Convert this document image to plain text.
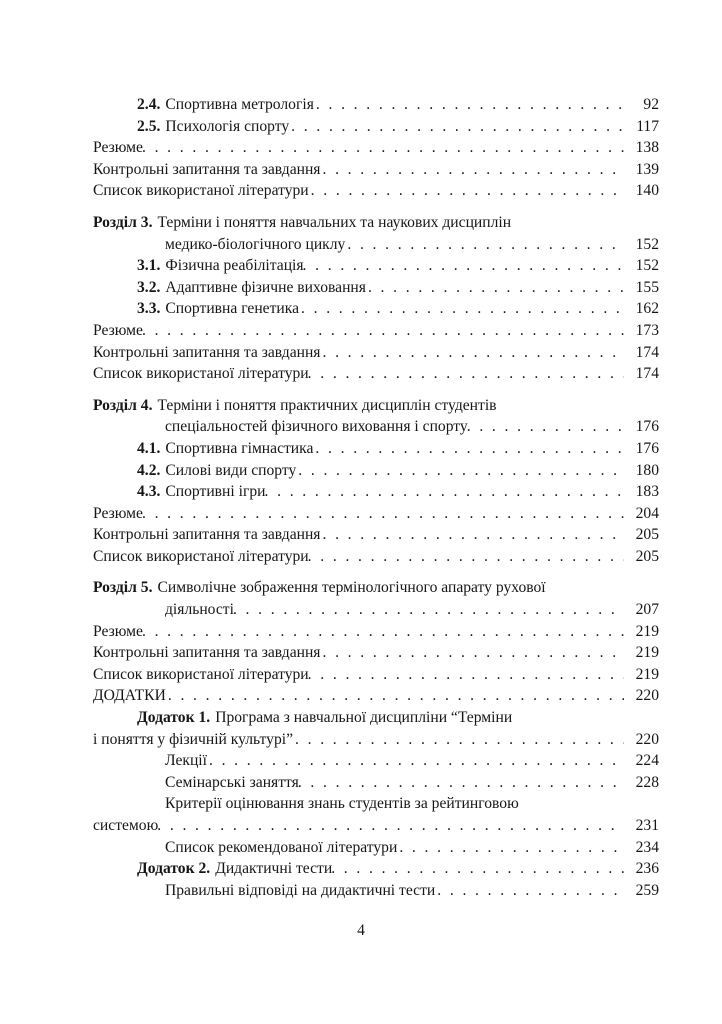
2.4. Спортивна метрологія . . .	92
2.5. Психологія спорту . . .	117
Резюме . . .	138
Контрольні запитання та завдання . . .	139
Список використаної літератури . . .	140
Розділ 3. Терміни і поняття навчальних та наукових дисциплін
медико-біологічного циклу . . .	152
3.1. Фізична реабілітація . . .	152
3.2. Адаптивне фізичне виховання . . .	155
3.3. Спортивна генетика . . .	162
Резюме . . .	173
Контрольні запитання та завдання . . .	174
Список використаної літератури . . .	174
Розділ 4. Терміни і поняття практичних дисциплін студентів
спеціальностей фізичного виховання і спорту . . .	176
4.1. Спортивна гімнастика . . .	176
4.2. Силові види спорту . . .	180
4.3. Спортивні ігри . . .	183
Резюме . . .	204
Контрольні запитання та завдання . . .	205
Список використаної літератури . . .	205
Розділ 5. Символічне зображення термінологічного апарату рухової
діяльності . . .	207
Резюме . . .	219
Контрольні запитання та завдання . . .	219
Список використаної літератури . . .	219
ДОДАТКИ . . .	220
Додаток 1. Програма з навчальної дисципліни “Терміни
і поняття у фізичній культурі” . . .	220
Лекції . . .	224
Семінарські заняття . . .	228
Критерії оцінювання знань студентів за рейтинговою
системою . . .	231
Список рекомендованої літератури . . .	234
Додаток 2. Дидактичні тести . . .	236
Правильні відповіді на дидактичні тести . . .	259
4
